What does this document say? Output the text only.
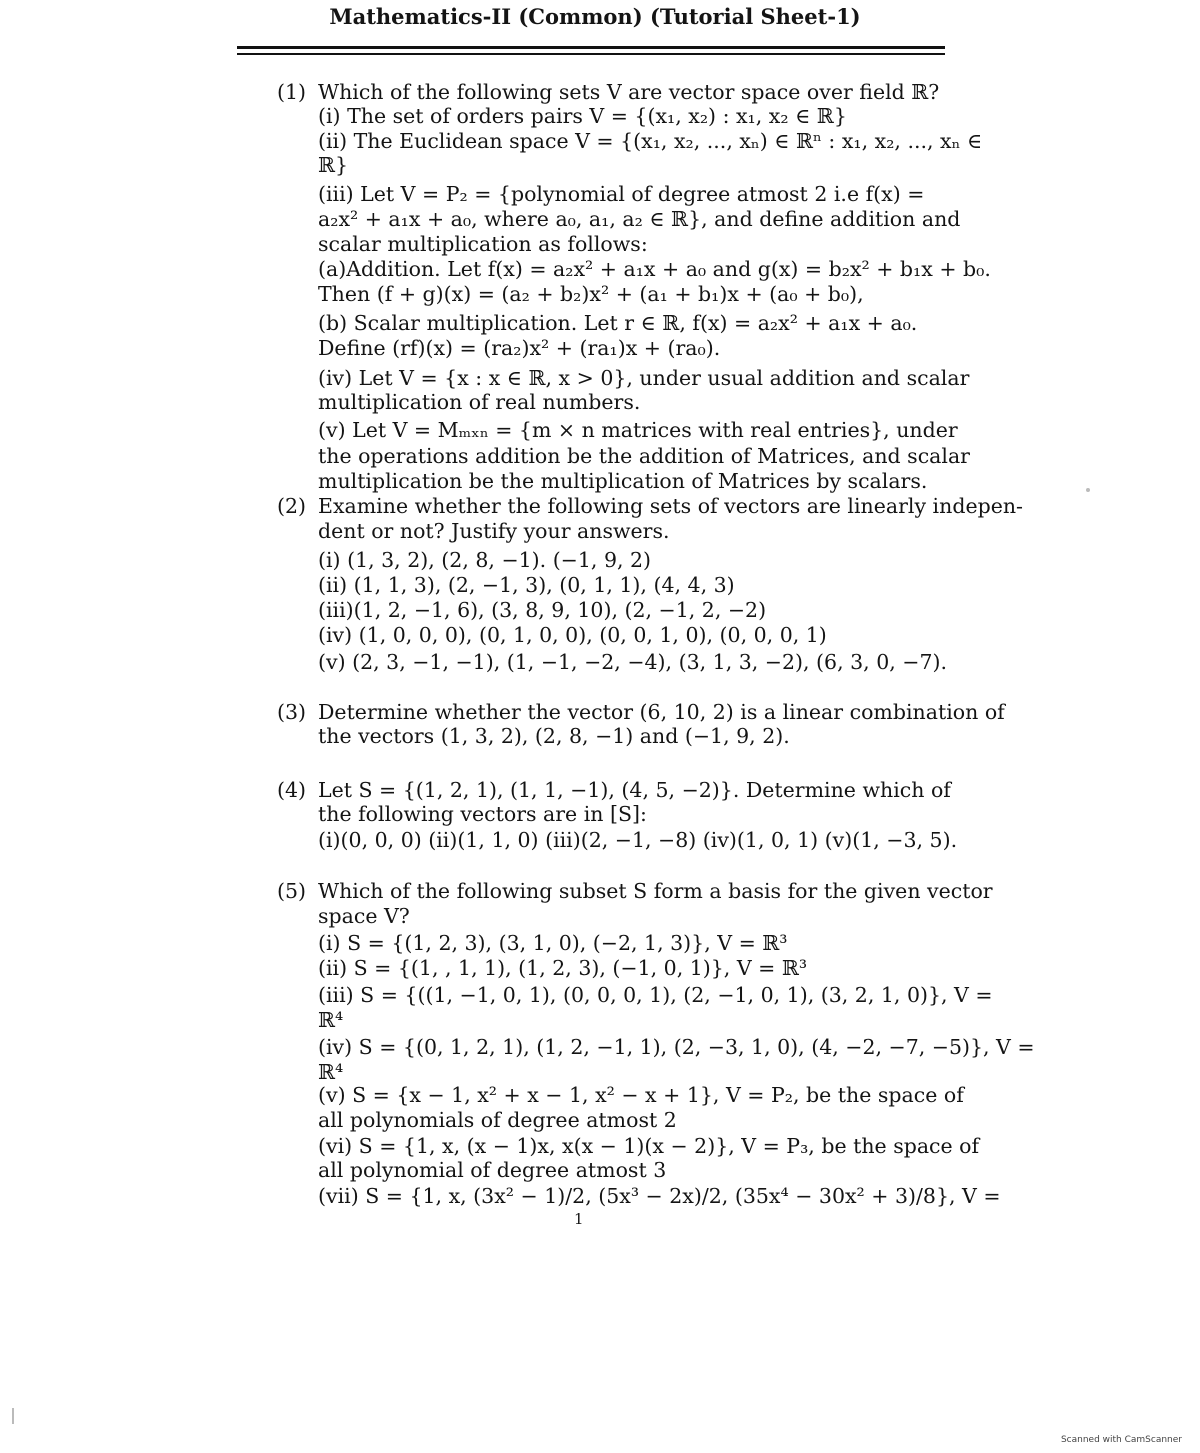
Mathematics-II (Common) (Tutorial Sheet-1)
(1) Which of the following sets V are vector space over field ℝ?
(i) The set of orders pairs V = {(x₁, x₂) : x₁, x₂ ∈ ℝ}
(ii) The Euclidean space V = {(x₁, x₂, ..., xₙ) ∈ ℝⁿ : x₁, x₂, ..., xₙ ∈
ℝ}
(iii) Let V = P₂ = {polynomial of degree atmost 2 i.e f(x) =
a₂x² + a₁x + a₀, where a₀, a₁, a₂ ∈ ℝ}, and define addition and
scalar multiplication as follows:
(a)Addition. Let f(x) = a₂x² + a₁x + a₀ and g(x) = b₂x² + b₁x + b₀.
Then (f + g)(x) = (a₂ + b₂)x² + (a₁ + b₁)x + (a₀ + b₀),
(b) Scalar multiplication. Let r ∈ ℝ, f(x) = a₂x² + a₁x + a₀.
Define (rf)(x) = (ra₂)x² + (ra₁)x + (ra₀).
(iv) Let V = {x : x ∈ ℝ, x > 0}, under usual addition and scalar
multiplication of real numbers.
(v) Let V = Mₘₓₙ = {m × n matrices with real entries}, under
the operations addition be the addition of Matrices, and scalar
multiplication be the multiplication of Matrices by scalars.
(2) Examine whether the following sets of vectors are linearly indepen-
dent or not? Justify your answers.
(i) (1, 3, 2), (2, 8, −1). (−1, 9, 2)
(ii) (1, 1, 3), (2, −1, 3), (0, 1, 1), (4, 4, 3)
(iii)(1, 2, −1, 6), (3, 8, 9, 10), (2, −1, 2, −2)
(iv) (1, 0, 0, 0), (0, 1, 0, 0), (0, 0, 1, 0), (0, 0, 0, 1)
(v) (2, 3, −1, −1), (1, −1, −2, −4), (3, 1, 3, −2), (6, 3, 0, −7).
(3) Determine whether the vector (6, 10, 2) is a linear combination of
the vectors (1, 3, 2), (2, 8, −1) and (−1, 9, 2).
(4) Let S = {(1, 2, 1), (1, 1, −1), (4, 5, −2)}. Determine which of
the following vectors are in [S]:
(i)(0, 0, 0) (ii)(1, 1, 0) (iii)(2, −1, −8) (iv)(1, 0, 1) (v)(1, −3, 5).
(5) Which of the following subset S form a basis for the given vector
space V?
(i) S = {(1, 2, 3), (3, 1, 0), (−2, 1, 3)}, V = ℝ³
(ii) S = {(1, , 1, 1), (1, 2, 3), (−1, 0, 1)}, V = ℝ³
(iii) S = {((1, −1, 0, 1), (0, 0, 0, 1), (2, −1, 0, 1), (3, 2, 1, 0)}, V =
ℝ⁴
(iv) S = {(0, 1, 2, 1), (1, 2, −1, 1), (2, −3, 1, 0), (4, −2, −7, −5)}, V =
ℝ⁴
(v) S = {x − 1, x² + x − 1, x² − x + 1}, V = P₂, be the space of
all polynomials of degree atmost 2
(vi) S = {1, x, (x − 1)x, x(x − 1)(x − 2)}, V = P₃, be the space of
all polynomial of degree atmost 3
(vii) S = {1, x, (3x² − 1)/2, (5x³ − 2x)/2, (35x⁴ − 30x² + 3)/8}, V =
1
Scanned with CamScanner
